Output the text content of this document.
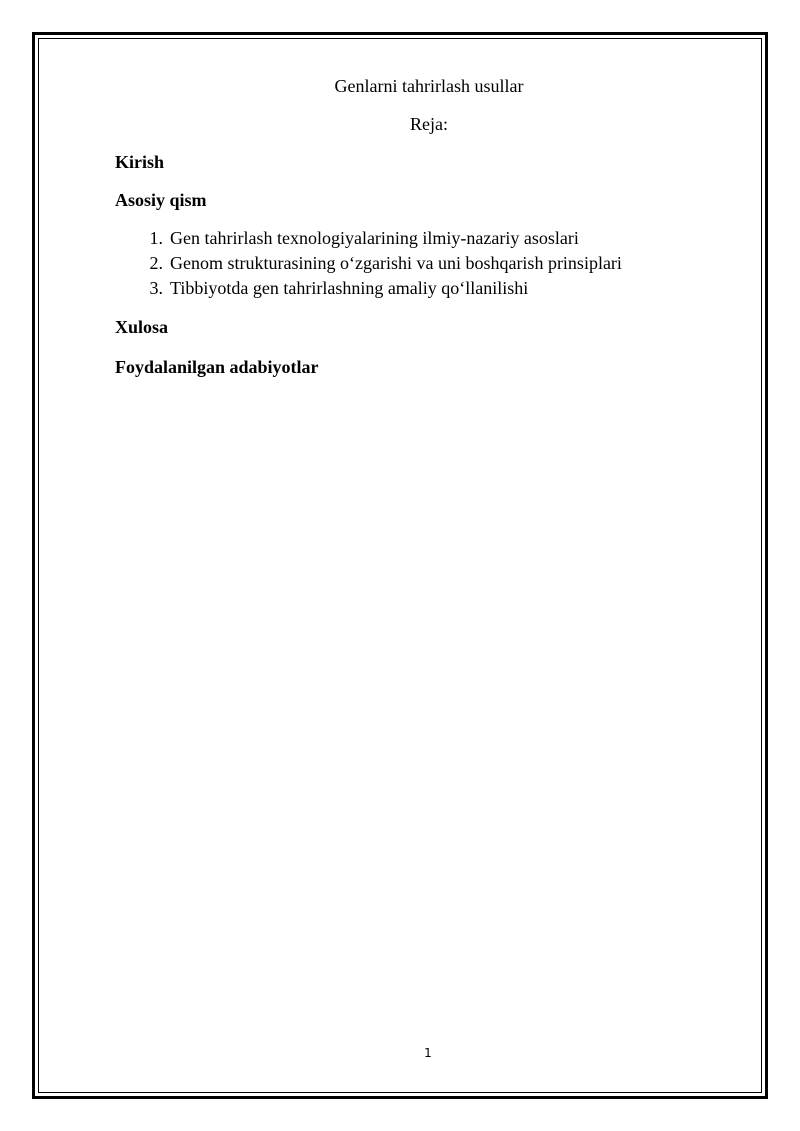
Genlarni tahrirlash usullar

Reja:

Kirish

Asosiy qism

1. Gen tahrirlash texnologiyalarining ilmiy-nazariy asoslari
2. Genom strukturasining o‘zgarishi va uni boshqarish prinsiplari
3. Tibbiyotda gen tahrirlashning amaliy qo‘llanilishi

Xulosa

Foydalanilgan adabiyotlar

1
